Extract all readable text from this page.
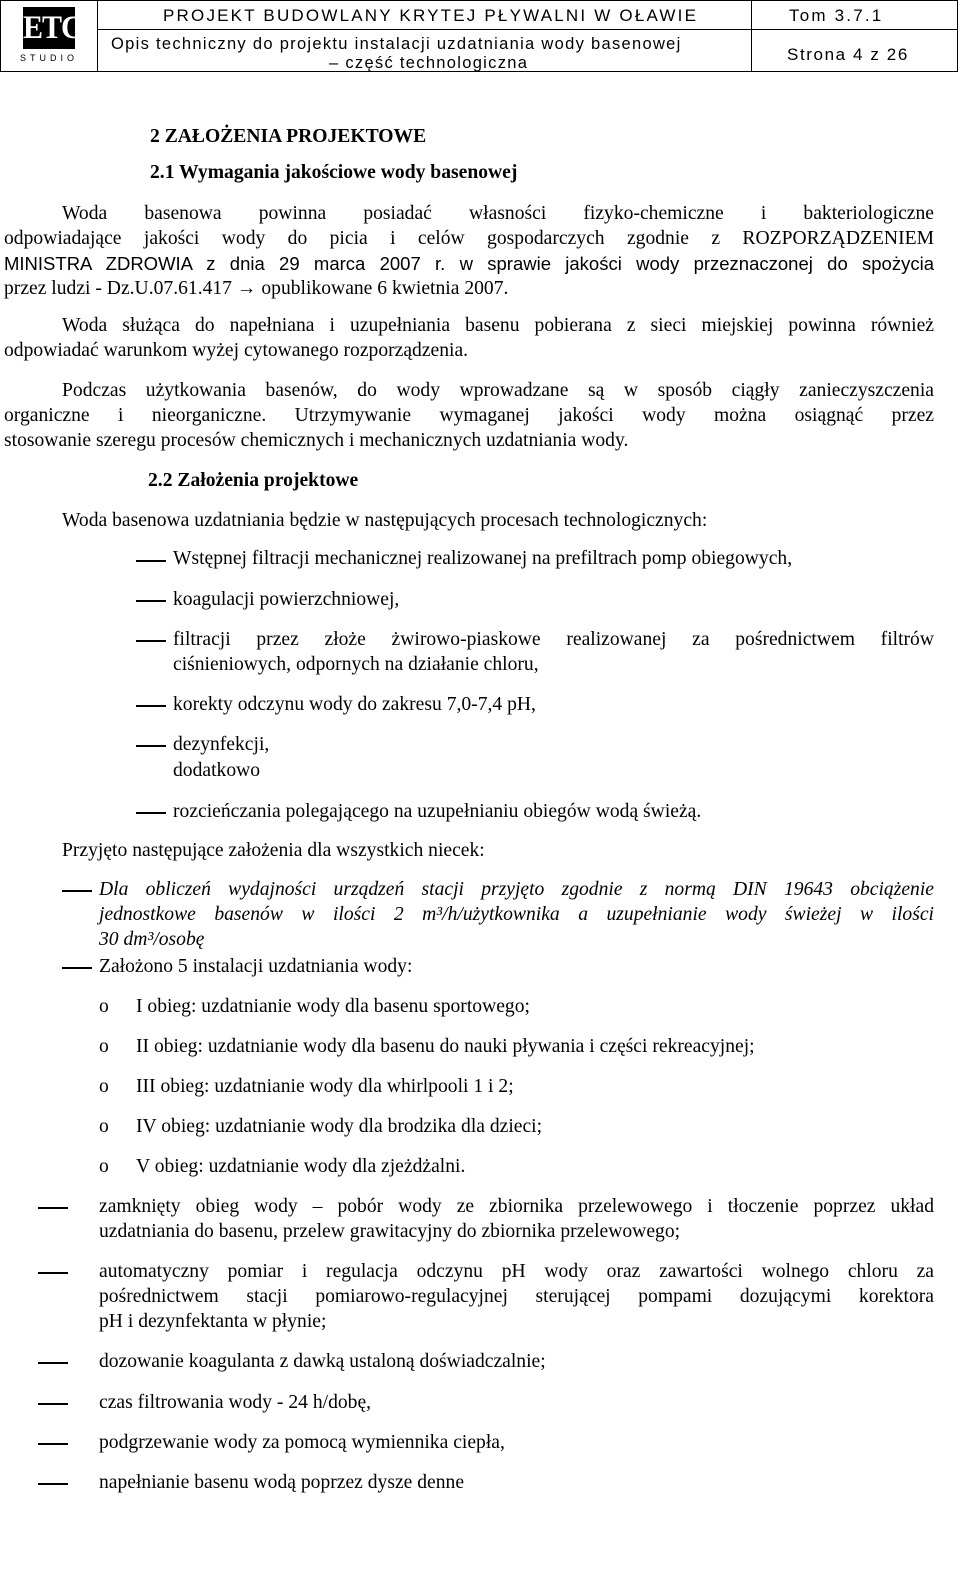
ETC
STUDIO
PROJEKT BUDOWLANY KRYTEJ PŁYWALNI W OŁAWIE
Opis techniczny do projektu instalacji uzdatniania wody basenowej
– część technologiczna
Tom 3.7.1
Strona 4 z 26
2 ZAŁOŻENIA PROJEKTOWE
2.1 Wymagania jakościowe wody basenowej
Woda basenowa powinna posiadać własności fizyko-chemiczne i bakteriologiczne
odpowiadające jakości wody do picia i celów gospodarczych zgodnie z ROZPORZĄDZENIEM
MINISTRA ZDROWIA z dnia 29 marca 2007 r. w sprawie jakości wody przeznaczonej do spożycia
przez ludzi - Dz.U.07.61.417 → opublikowane 6 kwietnia 2007.
Woda służąca do napełniana i uzupełniania basenu pobierana z sieci miejskiej powinna również
odpowiadać warunkom wyżej cytowanego rozporządzenia.
Podczas użytkowania basenów, do wody wprowadzane są w sposób ciągły zanieczyszczenia
organiczne i nieorganiczne. Utrzymywanie wymaganej jakości wody można osiągnąć przez
stosowanie szeregu procesów chemicznych i mechanicznych uzdatniania wody.
2.2 Założenia projektowe
Woda basenowa uzdatniania będzie w następujących procesach technologicznych:
Wstępnej filtracji mechanicznej realizowanej na prefiltrach pomp obiegowych,
koagulacji powierzchniowej,
filtracji przez złoże żwirowo-piaskowe realizowanej za pośrednictwem filtrów
ciśnieniowych, odpornych na działanie chloru,
korekty odczynu wody do zakresu 7,0-7,4 pH,
dezynfekcji,
dodatkowo
rozcieńczania polegającego na uzupełnianiu obiegów wodą świeżą.
Przyjęto następujące założenia dla wszystkich niecek:
Dla obliczeń wydajności urządzeń stacji przyjęto zgodnie z normą DIN 19643 obciążenie
jednostkowe basenów w ilości 2 m³/h/użytkownika a uzupełnianie wody świeżej w ilości
30 dm³/osobę
Założono 5 instalacji uzdatniania wody:
o I obieg: uzdatnianie wody dla basenu sportowego;
o II obieg: uzdatnianie wody dla basenu do nauki pływania i części rekreacyjnej;
o III obieg: uzdatnianie wody dla whirlpooli 1 i 2;
o IV obieg: uzdatnianie wody dla brodzika dla dzieci;
o V obieg: uzdatnianie wody dla zjeżdżalni.
zamknięty obieg wody – pobór wody ze zbiornika przelewowego i tłoczenie poprzez układ
uzdatniania do basenu, przelew grawitacyjny do zbiornika przelewowego;
automatyczny pomiar i regulacja odczynu pH wody oraz zawartości wolnego chloru za
pośrednictwem stacji pomiarowo-regulacyjnej sterującej pompami dozującymi korektora
pH i dezynfektanta w płynie;
dozowanie koagulanta z dawką ustaloną doświadczalnie;
czas filtrowania wody - 24 h/dobę,
podgrzewanie wody za pomocą wymiennika ciepła,
napełnianie basenu wodą poprzez dysze denne
